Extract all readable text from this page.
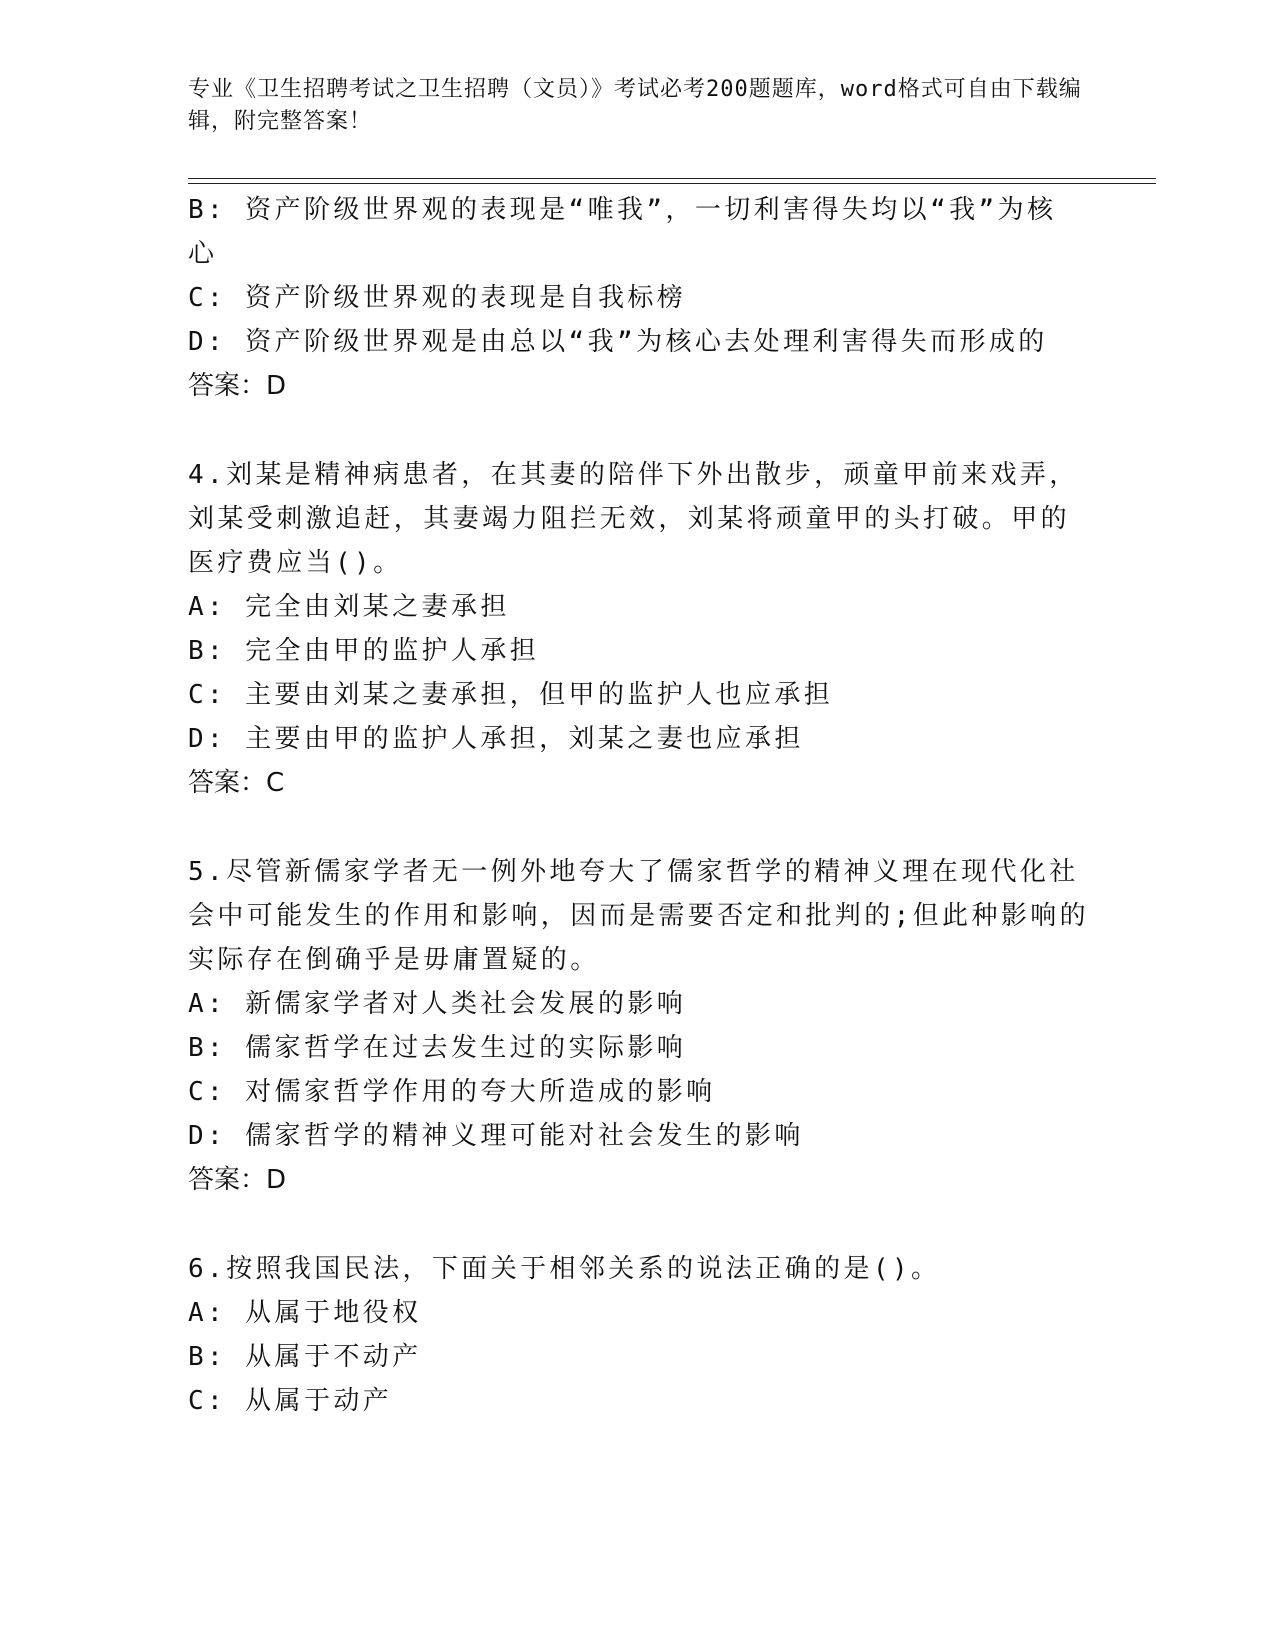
专业《卫生招聘考试之卫生招聘（文员）》考试必考200题题库，word格式可自由下载编辑，附完整答案！
B: 资产阶级世界观的表现是“唯我”，一切利害得失均以“我”为核
心
C: 资产阶级世界观的表现是自我标榜
D: 资产阶级世界观是由总以“我”为核心去处理利害得失而形成的
答案：D
4.刘某是精神病患者，在其妻的陪伴下外出散步，顽童甲前来戏弄，
刘某受刺激追赶，其妻竭力阻拦无效，刘某将顽童甲的头打破。甲的
医疗费应当()。
A: 完全由刘某之妻承担
B: 完全由甲的监护人承担
C: 主要由刘某之妻承担，但甲的监护人也应承担
D: 主要由甲的监护人承担，刘某之妻也应承担
答案：C
5.尽管新儒家学者无一例外地夸大了儒家哲学的精神义理在现代化社
会中可能发生的作用和影响，因而是需要否定和批判的;但此种影响的
实际存在倒确乎是毋庸置疑的。
A: 新儒家学者对人类社会发展的影响
B: 儒家哲学在过去发生过的实际影响
C: 对儒家哲学作用的夸大所造成的影响
D: 儒家哲学的精神义理可能对社会发生的影响
答案：D
6.按照我国民法，下面关于相邻关系的说法正确的是()。
A: 从属于地役权
B: 从属于不动产
C: 从属于动产
